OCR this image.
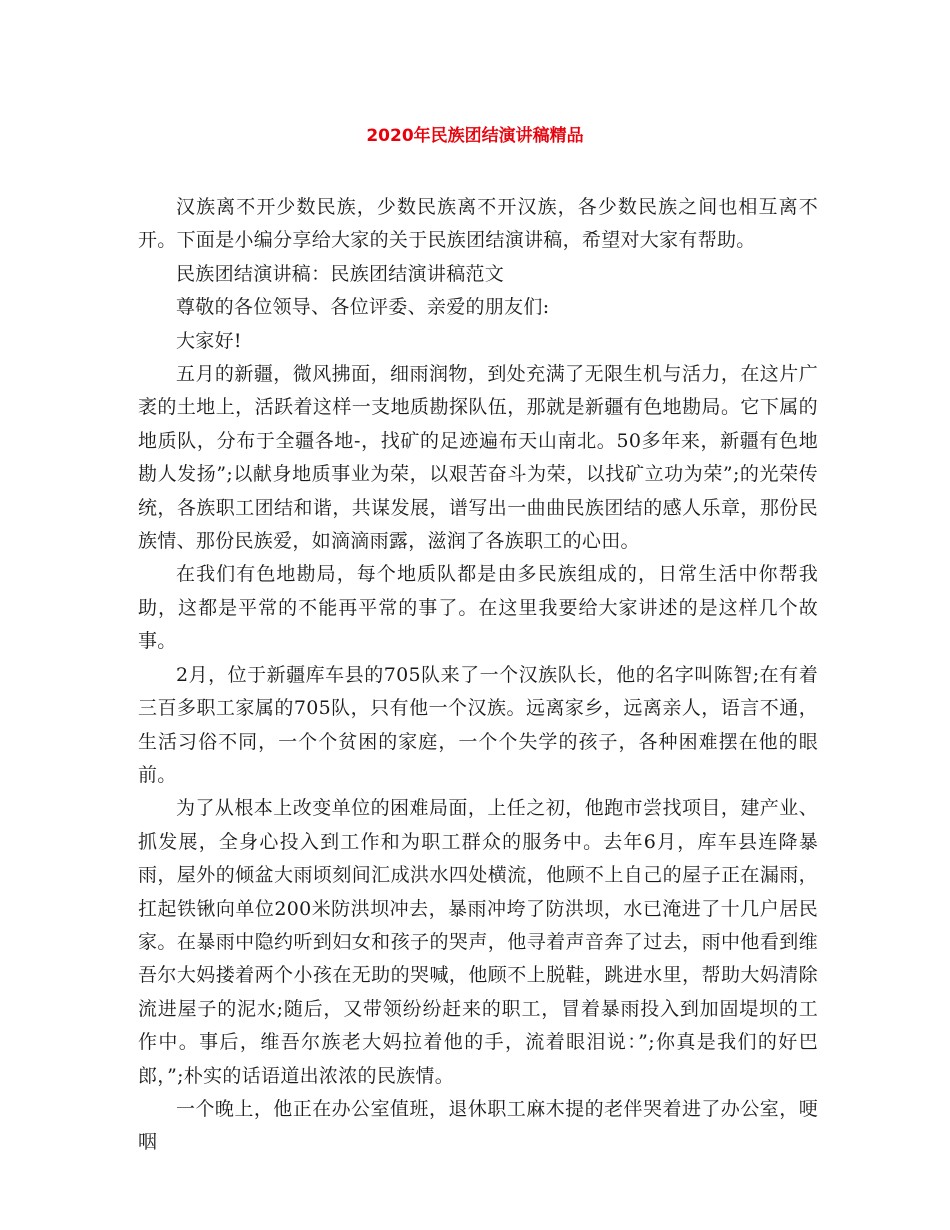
2020年民族团结演讲稿精品

汉族离不开少数民族，少数民族离不开汉族，各少数民族之间也相互离不开。下面是小编分享给大家的关于民族团结演讲稿，希望对大家有帮助。

民族团结演讲稿：民族团结演讲稿范文

尊敬的各位领导、各位评委、亲爱的朋友们:

大家好!

五月的新疆，微风拂面，细雨润物，到处充满了无限生机与活力，在这片广袤的土地上，活跃着这样一支地质勘探队伍，那就是新疆有色地勘局。它下属的地质队，分布于全疆各地-，找矿的足迹遍布天山南北。50多年来，新疆有色地勘人发扬”;以献身地质事业为荣，以艰苦奋斗为荣，以找矿立功为荣”;的光荣传统，各族职工团结和谐，共谋发展，谱写出一曲曲民族团结的感人乐章，那份民族情、那份民族爱，如滴滴雨露，滋润了各族职工的心田。

在我们有色地勘局，每个地质队都是由多民族组成的，日常生活中你帮我助，这都是平常的不能再平常的事了。在这里我要给大家讲述的是这样几个故事。

2月，位于新疆库车县的705队来了一个汉族队长，他的名字叫陈智;在有着三百多职工家属的705队，只有他一个汉族。远离家乡，远离亲人，语言不通，生活习俗不同，一个个贫困的家庭，一个个失学的孩子，各种困难摆在他的眼前。

为了从根本上改变单位的困难局面，上任之初，他跑市尝找项目，建产业、抓发展，全身心投入到工作和为职工群众的服务中。去年6月，库车县连降暴雨，屋外的倾盆大雨顷刻间汇成洪水四处横流，他顾不上自己的屋子正在漏雨，扛起铁锹向单位200米防洪坝冲去，暴雨冲垮了防洪坝，水已淹进了十几户居民家。在暴雨中隐约听到妇女和孩子的哭声，他寻着声音奔了过去，雨中他看到维吾尔大妈搂着两个小孩在无助的哭喊，他顾不上脱鞋，跳进水里，帮助大妈清除流进屋子的泥水;随后，又带领纷纷赶来的职工，冒着暴雨投入到加固堤坝的工作中。事后，维吾尔族老大妈拉着他的手，流着眼泪说：”;你真是我们的好巴郎，”;朴实的话语道出浓浓的民族情。

一个晚上，他正在办公室值班，退休职工麻木提的老伴哭着进了办公室，哽咽
